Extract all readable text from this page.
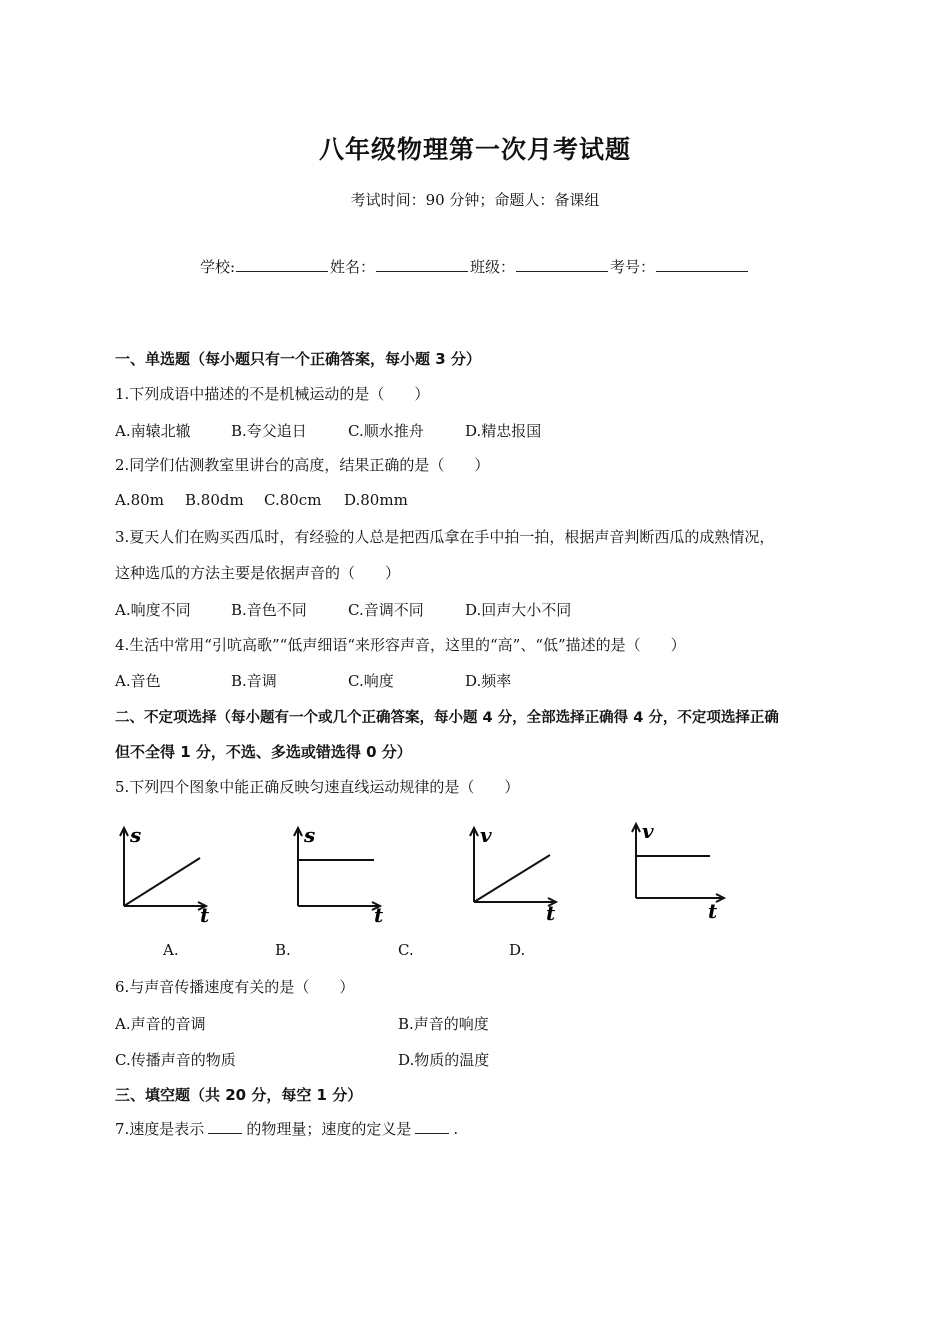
八年级物理第一次月考试题
考试时间：90 分钟；命题人：备课组
学校:	姓名：	班级：	考号：
一、单选题（每小题只有一个正确答案，每小题 3 分）
1.下列成语中描述的不是机械运动的是（　　）
A.南辕北辙	B.夸父追日	C.顺水推舟	D.精忠报国
2.同学们估测教室里讲台的高度，结果正确的是（　　）
A.80m B.80dm C.80cm D.80mm
3.夏天人们在购买西瓜时，有经验的人总是把西瓜拿在手中拍一拍，根据声音判断西瓜的成熟情况，
这种选瓜的方法主要是依据声音的（　　）
A.响度不同	B.音色不同	C.音调不同	D.回声大小不同
4.生活中常用“引吭高歌”“低声细语“来形容声音，这里的“高”、“低”描述的是（　　）
A.音色	B.音调	C.响度	D.频率
二、不定项选择（每小题有一个或几个正确答案，每小题 4 分，全部选择正确得 4 分，不定项选择正确
但不全得 1 分，不选、多选或错选得 0 分）
5.下列四个图象中能正确反映匀速直线运动规律的是（　　）
s
t
s
t
v
t
v
t
A.	B.	C.	D.
6.与声音传播速度有关的是（　　）
A.声音的音调	B.声音的响度
C.传播声音的物质	D.物质的温度
三、填空题（共 20 分，每空 1 分）
7.速度是表示	的物理量；速度的定义是	.
